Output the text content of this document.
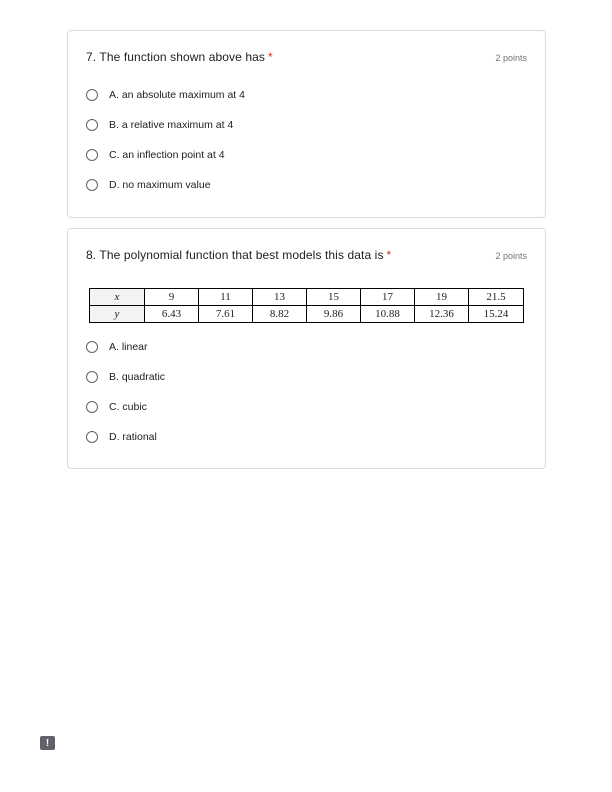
7. The function shown above has *	2 points
A. an absolute maximum at 4
B. a relative maximum at 4
C. an inflection point at 4
D. no maximum value
8. The polynomial function that best models this data is *	2 points
x	9	11	13	15	17	19	21.5
y	6.43	7.61	8.82	9.86	10.88	12.36	15.24
A. linear
B. quadratic
C. cubic
D. rational
!
